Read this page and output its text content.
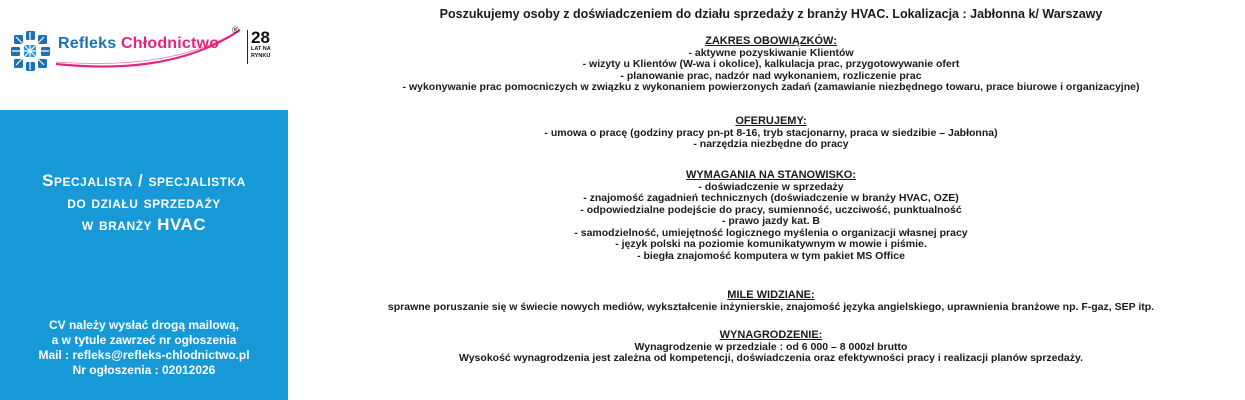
Refleks Chłodnictwo
® 28
LAT NA
RYNKU
Specjalista / specjalistka
do działu sprzedaży
w branży HVAC
CV należy wysłać drogą mailową,
a w tytule zawrzeć nr ogłoszenia
Mail : refleks@refleks-chlodnictwo.pl
Nr ogłoszenia : 02012026
Poszukujemy osoby z doświadczeniem do działu sprzedaży z branży HVAC. Lokalizacja : Jabłonna k/ Warszawy
ZAKRES OBOWIĄZKÓW:
- aktywne pozyskiwanie Klientów
- wizyty u Klientów (W-wa i okolice), kalkulacja prac, przygotowywanie ofert
- planowanie prac, nadzór nad wykonaniem, rozliczenie prac
- wykonywanie prac pomocniczych w związku z wykonaniem powierzonych zadań (zamawianie niezbędnego towaru, prace biurowe i organizacyjne)
OFERUJEMY:
- umowa o pracę (godziny pracy pn-pt 8-16, tryb stacjonarny, praca w siedzibie – Jabłonna)
- narzędzia niezbędne do pracy
WYMAGANIA NA STANOWISKO:
- doświadczenie w sprzedaży
- znajomość zagadnień technicznych (doświadczenie w branży HVAC, OZE)
- odpowiedzialne podejście do pracy, sumienność, uczciwość, punktualność
- prawo jazdy kat. B
- samodzielność, umiejętność logicznego myślenia o organizacji własnej pracy
- język polski na poziomie komunikatywnym w mowie i piśmie.
- biegła znajomość komputera w tym pakiet MS Office
MILE WIDZIANE:
sprawne poruszanie się w świecie nowych mediów, wykształcenie inżynierskie, znajomość języka angielskiego, uprawnienia branżowe np. F-gaz, SEP itp.
WYNAGRODZENIE:
Wynagrodzenie w przedziale : od 6 000 – 8 000zł brutto
Wysokość wynagrodzenia jest zależna od kompetencji, doświadczenia oraz efektywności pracy i realizacji planów sprzedaży.
